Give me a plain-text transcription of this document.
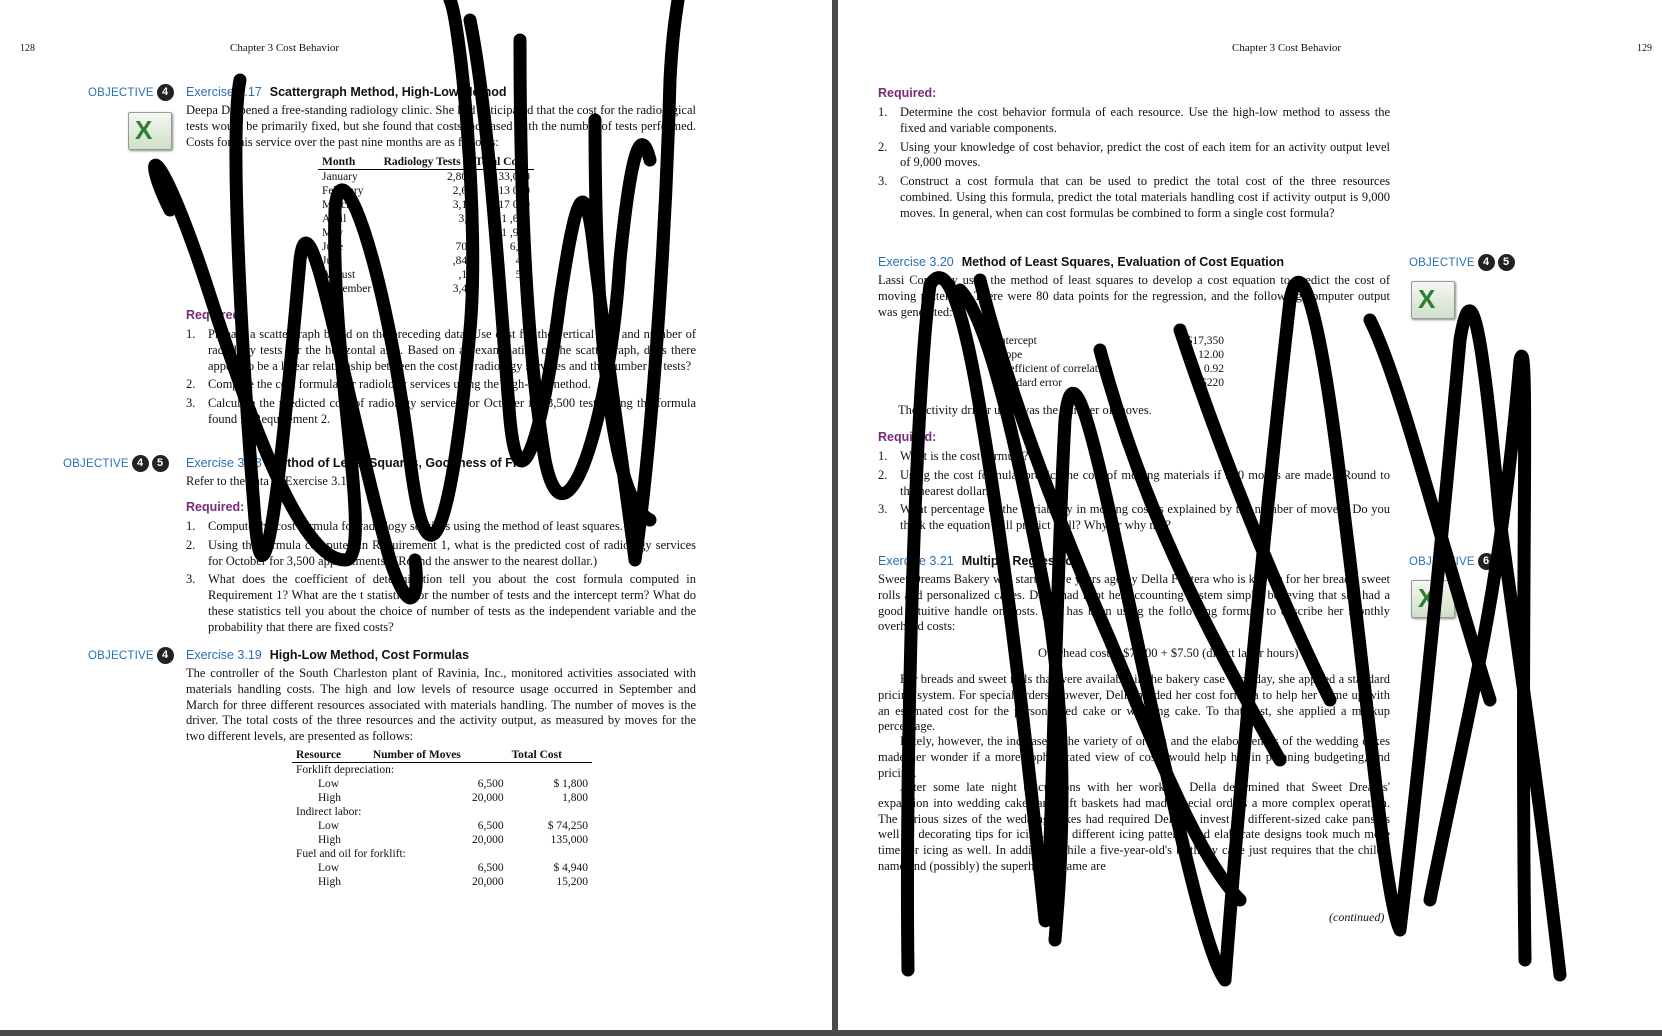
128	Chapter 3 Cost Behavior
OBJECTIVE 4
X
Exercise 3.17 Scattergraph Method, High-Low Method
Deepa D opened a free-standing radiology clinic. She had anticipated that the cost for the radiological tests would be primarily fixed, but she found that costs increased with the number of tests performed. Costs for this service over the past nine months are as follows:
Month	Radiology Tests	Total Cost
January	2,80	$133,000
February	2,6	13 060
March	3,1	17 000
April	3,	1 ,600
May		1 ,900
June	70	6,60
July	,84	4,4
August	,1	5,5
September	3,4	5,
Required:
1. Prepare a scattergraph based on the preceding data. Use cost for the vertical axis and number of radiology tests for the horizontal axis. Based on an examination of the scattergraph, does there appear to be a linear relationship between the cost of radiology services and the number of tests?
2. Compute the cost formula for radiology services using the high-low method.
3. Calculate the predicted cost of radiology services for October for 3,500 tests using the formula found in Requirement 2.
OBJECTIVE 4	5	Exercise 3.18 Method of Least Squares, Goodness of Fit
Refer to the data in Exercise 3.17.
Required:
1. Compute the cost formula for radiology services using the method of least squares.
2. Using the formula computed in Requirement 1, what is the predicted cost of radiology services for October for 3,500 appointments? (Round the answer to the nearest dollar.)
3. What does the coefficient of determination tell you about the cost formula computed in Requirement 1? What are the t statistics for the number of tests and the intercept term? What do these statistics tell you about the choice of number of tests as the independent variable and the probability that there are fixed costs?
OBJECTIVE 4	Exercise 3.19 High-Low Method, Cost Formulas
The controller of the South Charleston plant of Ravinia, Inc., monitored activities associated with materials handling costs. The high and low levels of resource usage occurred in September and March for three different resources associated with materials handling. The number of moves is the driver. The total costs of the three resources and the activity output, as measured by moves for the two different levels, are presented as follows:
Resource	Number of Moves	Total Cost
Forklift depreciation:		
Low	6,500	$ 1,800
High	20,000	1,800
Indirect labor:		
Low	6,500	$ 74,250
High	20,000	135,000
Fuel and oil for forklift:		
Low	6,500	$ 4,940
High	20,000	15,200
Chapter 3 Cost Behavior	129
Required:
1. Determine the cost behavior formula of each resource. Use the high-low method to assess the fixed and variable components.
2. Using your knowledge of cost behavior, predict the cost of each item for an activity output level of 9,000 moves.
3. Construct a cost formula that can be used to predict the total cost of the three resources combined. Using this formula, predict the total materials handling cost if activity output is 9,000 moves. In general, when can cost formulas be combined to form a single cost formula?
Exercise 3.20 Method of Least Squares, Evaluation of Cost Equation	OBJECTIVE 4	5
X
Lassi Company used the method of least squares to develop a cost equation to predict the cost of moving materials. There were 80 data points for the regression, and the following computer output was generated:
Intercept	$17,350
Slope	12.00
Coefficient of correlation	0.92
Standard error	$220
The activity driver used was the number of moves.
Required:
1. What is the cost formula?
2. Using the cost formula, predict the cost of moving materials if 340 moves are made. (Round to the nearest dollar.)
3. What percentage of the variability in moving cost is explained by the number of moves? Do you think the equation will predict well? Why or why not?
Exercise 3.21 Multiple Regression	OBJECTIVE 6
X
Sweet Dreams Bakery was started five years ago by Della Fontera who is known for her breads, sweet rolls and personalized cakes. Della had kept her accounting system simple, believing that she had a good intuitive handle on costs. She has been using the following formula to describe her monthly overhead costs:
Overhead cost = $7,800 + $7.50 (direct labor hours)
For breads and sweet rolls that were available in the bakery case each day, she applied a standard pricing system. For special orders, however, Della needed her cost formula to help her come up with an estimated cost for the personalized cake or wedding cake. To that cost, she applied a markup percentage.
Lately, however, the increase in the variety of orders and the elaborateness of the wedding cakes made her wonder if a more sophisticated view of costs would help her in planning budgeting, and pricing.
After some late night discussions with her workers, Della determined that Sweet Dreams' expansion into wedding cakes and gift baskets had made special orders a more complex operation. The various sizes of the wedding cakes had required Della to invest in different-sized cake pans as well as decorating tips for icing. The different icing patterns and elaborate designs took much more time for icing as well. In addition, while a five-year-old's birthday cake just requires that the child's name and (possibly) the superhero's name are
(continued)
